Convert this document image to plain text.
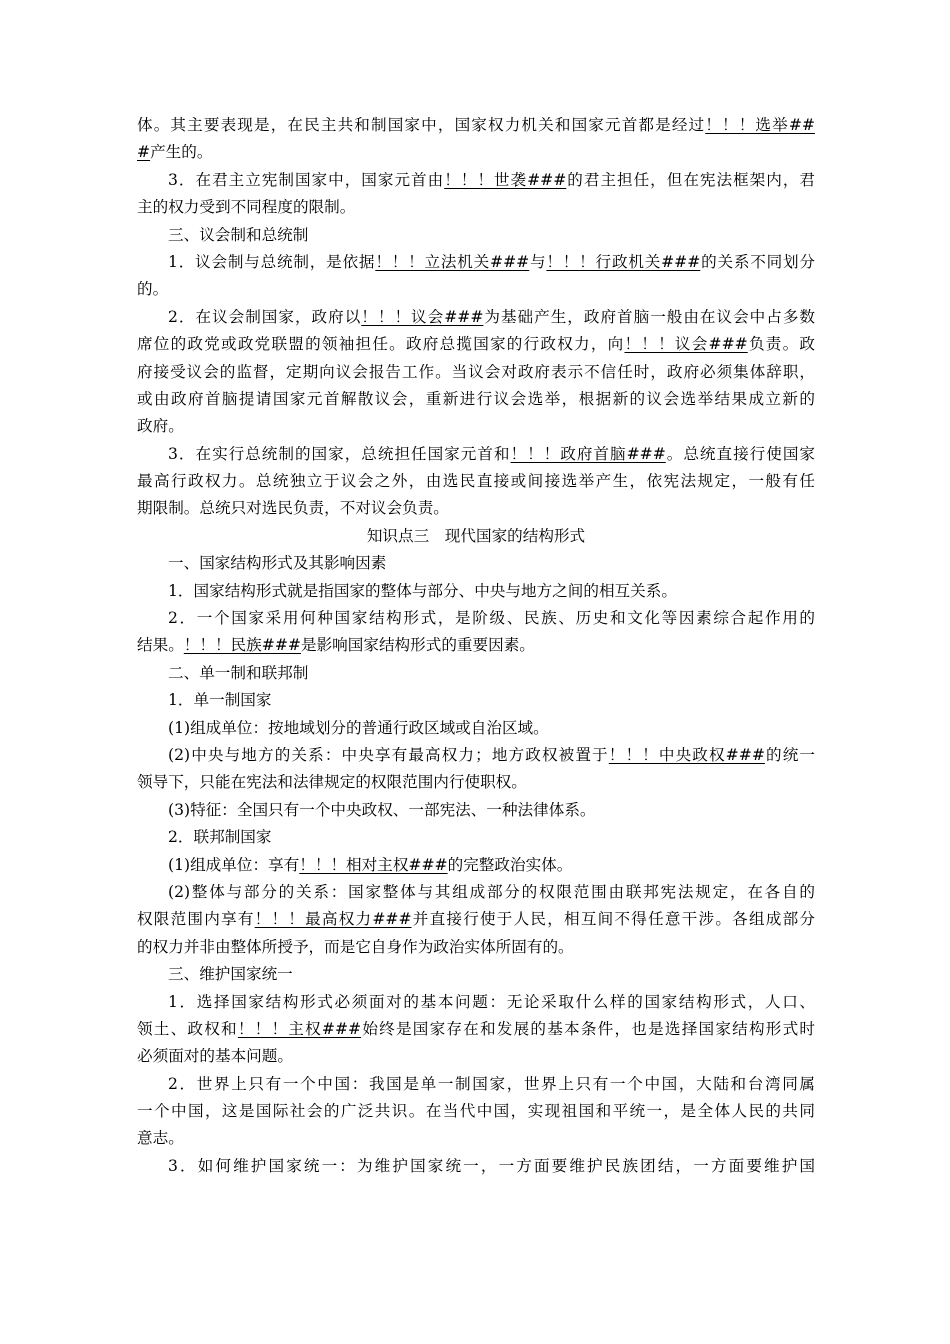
体。其主要表现是，在民主共和制国家中，国家权力机关和国家元首都是经过！！！选举##
#产生的。
3．在君主立宪制国家中，国家元首由！！！世袭###的君主担任，但在宪法框架内，君
主的权力受到不同程度的限制。
三、议会制和总统制
1．议会制与总统制，是依据！！！立法机关###与！！！行政机关###的关系不同划分
的。
2．在议会制国家，政府以！！！议会###为基础产生，政府首脑一般由在议会中占多数
席位的政党或政党联盟的领袖担任。政府总揽国家的行政权力，向！！！议会###负责。政
府接受议会的监督，定期向议会报告工作。当议会对政府表示不信任时，政府必须集体辞职，
或由政府首脑提请国家元首解散议会，重新进行议会选举，根据新的议会选举结果成立新的
政府。
3．在实行总统制的国家，总统担任国家元首和！！！政府首脑###。总统直接行使国家
最高行政权力。总统独立于议会之外，由选民直接或间接选举产生，依宪法规定，一般有任
期限制。总统只对选民负责，不对议会负责。
知识点三　现代国家的结构形式
一、国家结构形式及其影响因素
1．国家结构形式就是指国家的整体与部分、中央与地方之间的相互关系。
2．一个国家采用何种国家结构形式，是阶级、民族、历史和文化等因素综合起作用的
结果。！！！民族###是影响国家结构形式的重要因素。
二、单一制和联邦制
1．单一制国家
(1)组成单位：按地域划分的普通行政区域或自治区域。
(2)中央与地方的关系：中央享有最高权力；地方政权被置于！！！中央政权###的统一
领导下，只能在宪法和法律规定的权限范围内行使职权。
(3)特征：全国只有一个中央政权、一部宪法、一种法律体系。
2．联邦制国家
(1)组成单位：享有！！！相对主权###的完整政治实体。
(2)整体与部分的关系：国家整体与其组成部分的权限范围由联邦宪法规定，在各自的
权限范围内享有！！！最高权力###并直接行使于人民，相互间不得任意干涉。各组成部分
的权力并非由整体所授予，而是它自身作为政治实体所固有的。
三、维护国家统一
1．选择国家结构形式必须面对的基本问题：无论采取什么样的国家结构形式，人口、
领土、政权和！！！主权###始终是国家存在和发展的基本条件，也是选择国家结构形式时
必须面对的基本问题。
2．世界上只有一个中国：我国是单一制国家，世界上只有一个中国，大陆和台湾同属
一个中国，这是国际社会的广泛共识。在当代中国，实现祖国和平统一，是全体人民的共同
意志。
3．如何维护国家统一：为维护国家统一，一方面要维护民族团结，一方面要维护国
